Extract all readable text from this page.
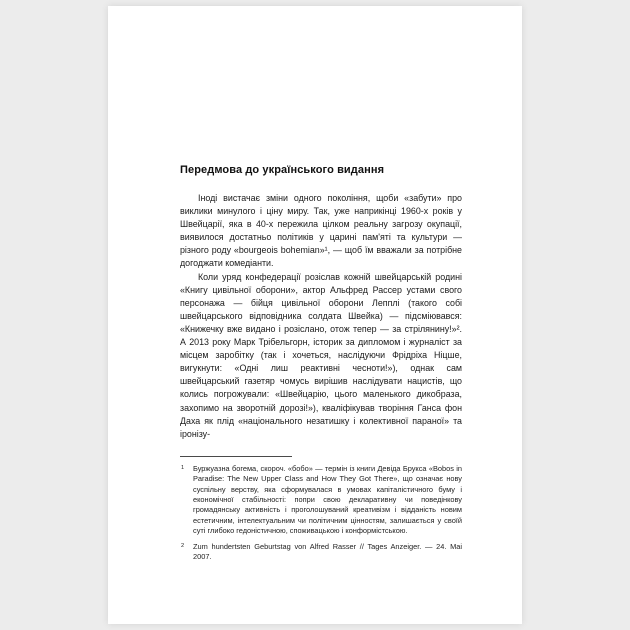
Передмова до українського видання

Іноді вистачає зміни одного покоління, щоби «забути» про виклики минулого і ціну миру. Так, уже наприкінці 1960-х років у Швейцарії, яка в 40-х пережила цілком реальну загрозу окупації, виявилося достатньо політиків у царині пам'яті та культури — різного роду «bourgeois bohemian»¹, — щоб їм вважали за потрібне догоджати комедіанти.

Коли уряд конфедерації розіслав кожній швейцарській родині «Книгу цивільної оборони», актор Альфред Рассер устами свого персонажа — бійця цивільної оборони Лепплі (такого собі швейцарського відповідника солдата Швейка) — підсміювався: «Книжечку вже видано і розіслано, отож тепер — за стрілянину!»². А 2013 року Марк Трібельгорн, історик за дипломом і журналіст за місцем заробітку (так і хочеться, наслідуючи Фрідріха Ніцше, вигукнути: «Одні лиш реактивні чесноти!»), однак сам швейцарський газетяр чомусь вирішив наслідувати нацистів, що колись погрожували: «Швейцарію, цього маленького дикобраза, захопимо на зворотній дорозі!»), кваліфікував творіння Ганса фон Даха як плід «національного незатишку і колективної параної» та іронізу-

1 Буржуазна богема, скороч. «бобо» — термін із книги Девіда Брукса «Bobos in Paradise: The New Upper Class and How They Got There», що означає нову суспільну верству, яка сформувалася в умовах капіталістичного буму і економічної стабільності: попри свою декларативну чи поведінкову громадянську активність і проголошуваний креативізм і відданість новим естетичним, інтелектуальним чи політичним цінностям, залишається у своїй суті глибоко гедоністичною, споживацькою і конформістською.
2 Zum hundertsten Geburtstag von Alfred Rasser // Tages Anzeiger. — 24. Mai 2007.
